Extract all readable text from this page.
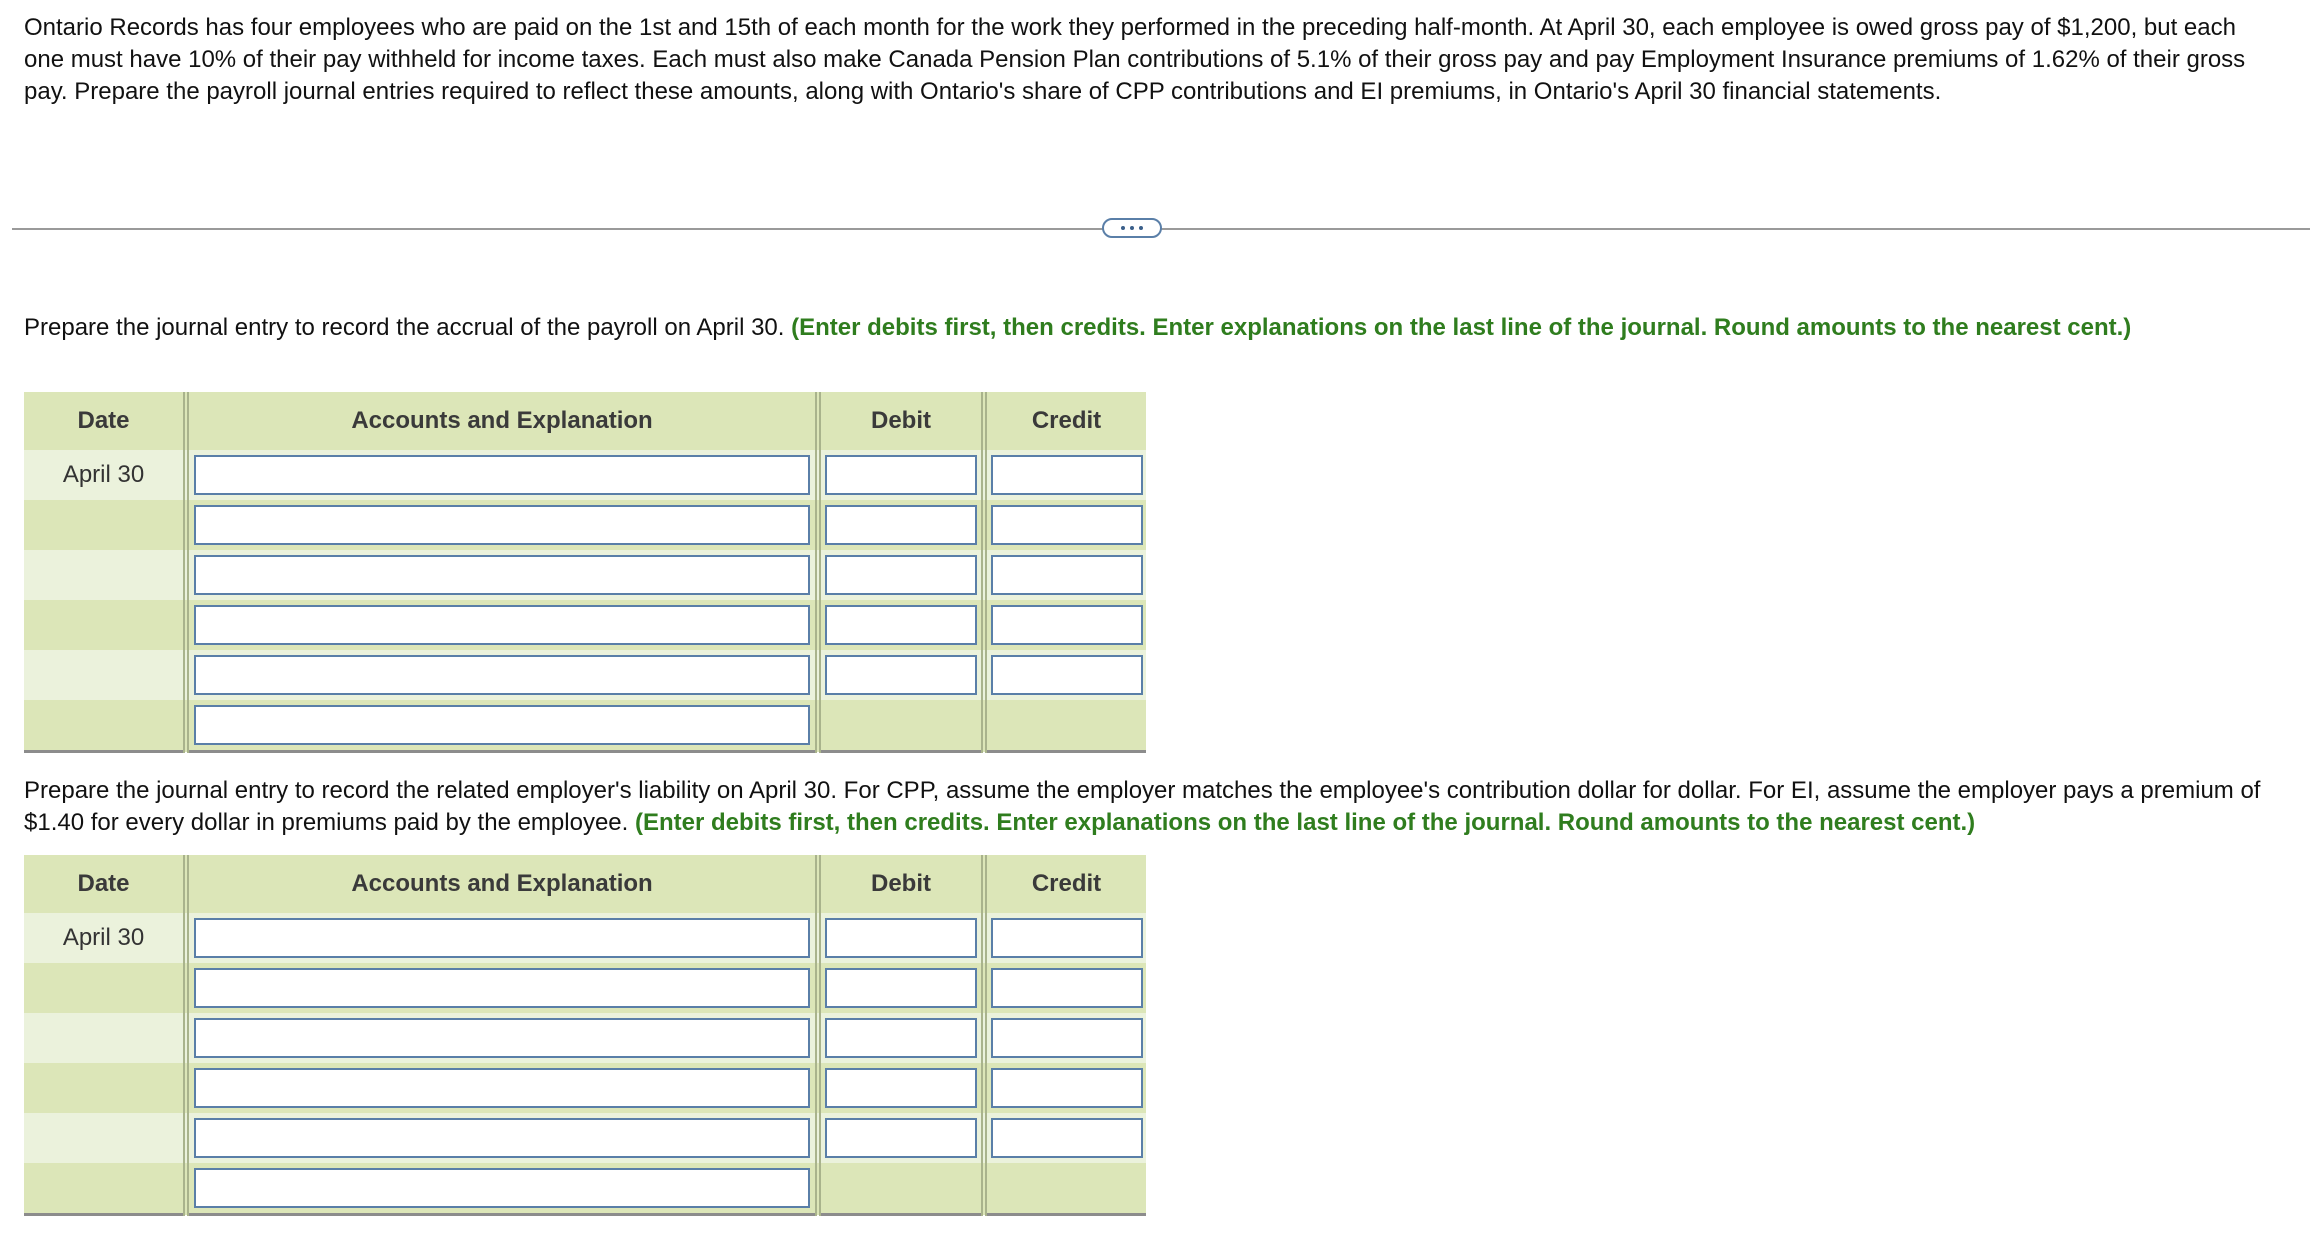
Ontario Records has four employees who are paid on the 1st and 15th of each month for the work they performed in the preceding half-month. At April 30, each employee is owed gross pay of $1,200, but each one must have 10% of their pay withheld for income taxes. Each must also make Canada Pension Plan contributions of 5.1% of their gross pay and pay Employment Insurance premiums of 1.62% of their gross pay. Prepare the payroll journal entries required to reflect these amounts, along with Ontario's share of CPP contributions and EI premiums, in Ontario's April 30 financial statements.

Prepare the journal entry to record the accrual of the payroll on April 30. (Enter debits first, then credits. Enter explanations on the last line of the journal. Round amounts to the nearest cent.)

Date	Accounts and Explanation	Debit	Credit
April 30	

Prepare the journal entry to record the related employer's liability on April 30. For CPP, assume the employer matches the employee's contribution dollar for dollar. For EI, assume the employer pays a premium of $1.40 for every dollar in premiums paid by the employee. (Enter debits first, then credits. Enter explanations on the last line of the journal. Round amounts to the nearest cent.)

Date	Accounts and Explanation	Debit	Credit
April 30	
